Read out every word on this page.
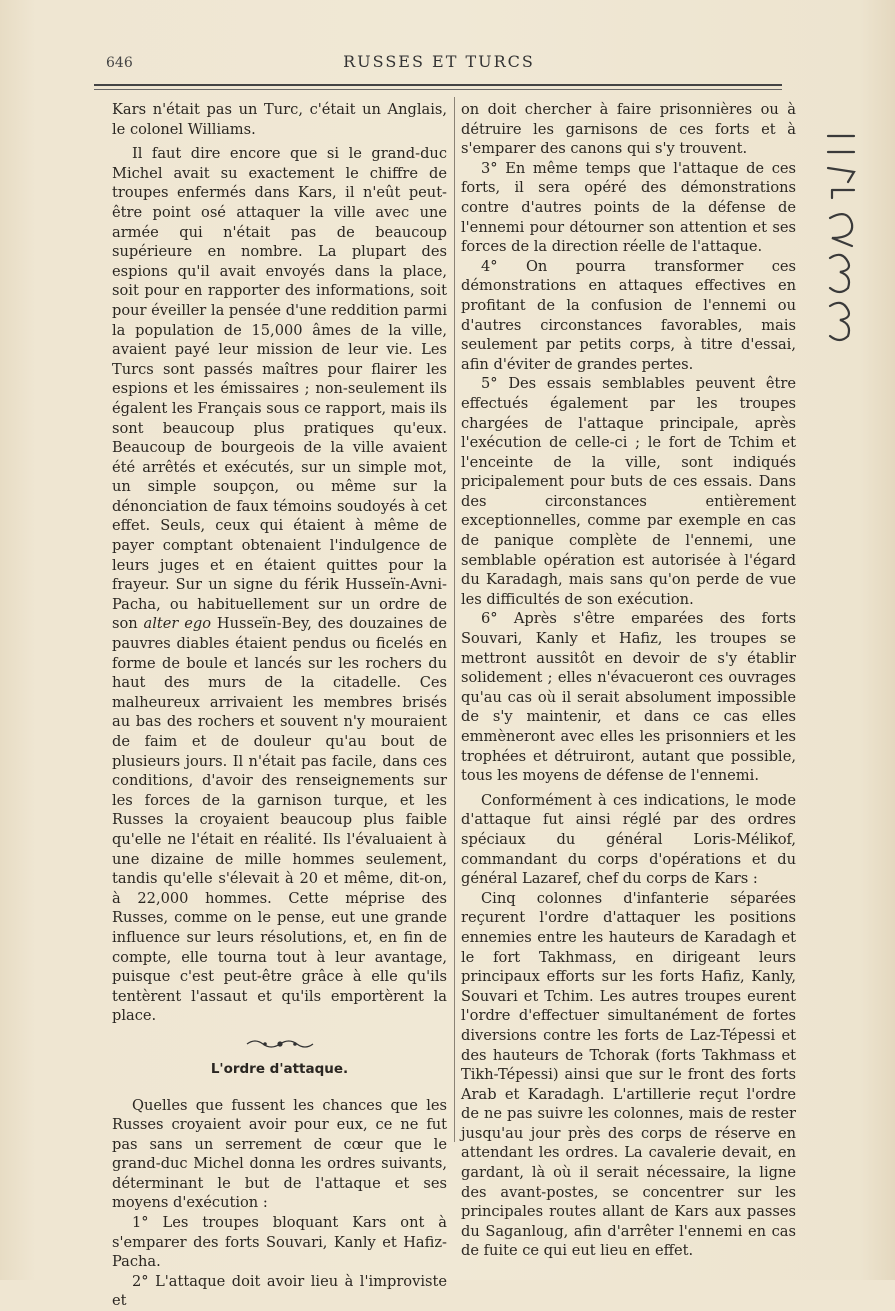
646	RUSSES ET TURCS

Kars n'était pas un Turc, c'était un Anglais, le colonel Williams.

Il faut dire encore que si le grand-duc Michel avait su exactement le chiffre de troupes enfermés dans Kars, il n'eût peut-être point osé attaquer la ville avec une armée qui n'était pas de beaucoup supérieure en nombre. La plupart des espions qu'il avait envoyés dans la place, soit pour en rapporter des informations, soit pour éveiller la pensée d'une reddition parmi la population de 15,000 âmes de la ville, avaient payé leur mission de leur vie. Les Turcs sont passés maîtres pour flairer les espions et les émissaires ; non-seulement ils égalent les Français sous ce rapport, mais ils sont beaucoup plus pratiques qu'eux. Beaucoup de bourgeois de la ville avaient été arrêtés et exécutés, sur un simple mot, un simple soupçon, ou même sur la dénonciation de faux témoins soudoyés à cet effet. Seuls, ceux qui étaient à même de payer comptant obtenaient l'indulgence de leurs juges et en étaient quittes pour la frayeur. Sur un signe du férik Husseïn-Avni-Pacha, ou habituellement sur un ordre de son alter ego Husseïn-Bey, des douzaines de pauvres diables étaient pendus ou ficelés en forme de boule et lancés sur les rochers du haut des murs de la citadelle. Ces malheureux arrivaient les membres brisés au bas des rochers et souvent n'y mouraient de faim et de douleur qu'au bout de plusieurs jours. Il n'était pas facile, dans ces conditions, d'avoir des renseignements sur les forces de la garnison turque, et les Russes la croyaient beaucoup plus faible qu'elle ne l'était en réalité. Ils l'évaluaient à une dizaine de mille hommes seulement, tandis qu'elle s'élevait à 20 et même, dit-on, à 22,000 hommes. Cette méprise des Russes, comme on le pense, eut une grande influence sur leurs résolutions, et, en fin de compte, elle tourna tout à leur avantage, puisque c'est peut-être grâce à elle qu'ils tentèrent l'assaut et qu'ils emportèrent la place.

L'ordre d'attaque.

Quelles que fussent les chances que les Russes croyaient avoir pour eux, ce ne fut pas sans un serrement de cœur que le grand-duc Michel donna les ordres suivants, déterminant le but de l'attaque et ses moyens d'exécution :

1° Les troupes bloquant Kars ont à s'emparer des forts Souvari, Kanly et Hafiz-Pacha.

2° L'attaque doit avoir lieu à l'improviste et

on doit chercher à faire prisonnières ou à détruire les garnisons de ces forts et à s'emparer des canons qui s'y trouvent.

3° En même temps que l'attaque de ces forts, il sera opéré des démonstrations contre d'autres points de la défense de l'ennemi pour détourner son attention et ses forces de la direction réelle de l'attaque.

4° On pourra transformer ces démonstrations en attaques effectives en profitant de la confusion de l'ennemi ou d'autres circonstances favorables, mais seulement par petits corps, à titre d'essai, afin d'éviter de grandes pertes.

5° Des essais semblables peuvent être effectués également par les troupes chargées de l'attaque principale, après l'exécution de celle-ci ; le fort de Tchim et l'enceinte de la ville, sont indiqués pricipalement pour buts de ces essais. Dans des circonstances entièrement exceptionnelles, comme par exemple en cas de panique complète de l'ennemi, une semblable opération est autorisée à l'égard du Karadagh, mais sans qu'on perde de vue les difficultés de son exécution.

6° Après s'être emparées des forts Souvari, Kanly et Hafiz, les troupes se mettront aussitôt en devoir de s'y établir solidement ; elles n'évacueront ces ouvrages qu'au cas où il serait absolument impossible de s'y maintenir, et dans ce cas elles emmèneront avec elles les prisonniers et les trophées et détruiront, autant que possible, tous les moyens de défense de l'ennemi.

Conformément à ces indications, le mode d'attaque fut ainsi réglé par des ordres spéciaux du général Loris-Mélikof, commandant du corps d'opérations et du général Lazaref, chef du corps de Kars :

Cinq colonnes d'infanterie séparées reçurent l'ordre d'attaquer les positions ennemies entre les hauteurs de Karadagh et le fort Takhmass, en dirigeant leurs principaux efforts sur les forts Hafiz, Kanly, Souvari et Tchim. Les autres troupes eurent l'ordre d'effectuer simultanément de fortes diversions contre les forts de Laz-Tépessi et des hauteurs de Tchorak (forts Takhmass et Tikh-Tépessi) ainsi que sur le front des forts Arab et Karadagh. L'artillerie reçut l'ordre de ne pas suivre les colonnes, mais de rester jusqu'au jour près des corps de réserve en attendant les ordres. La cavalerie devait, en gardant, là où il serait nécessaire, la ligne des avant-postes, se concentrer sur les principales routes allant de Kars aux passes du Saganloug, afin d'arrêter l'ennemi en cas de fuite ce qui eut lieu en effet.
